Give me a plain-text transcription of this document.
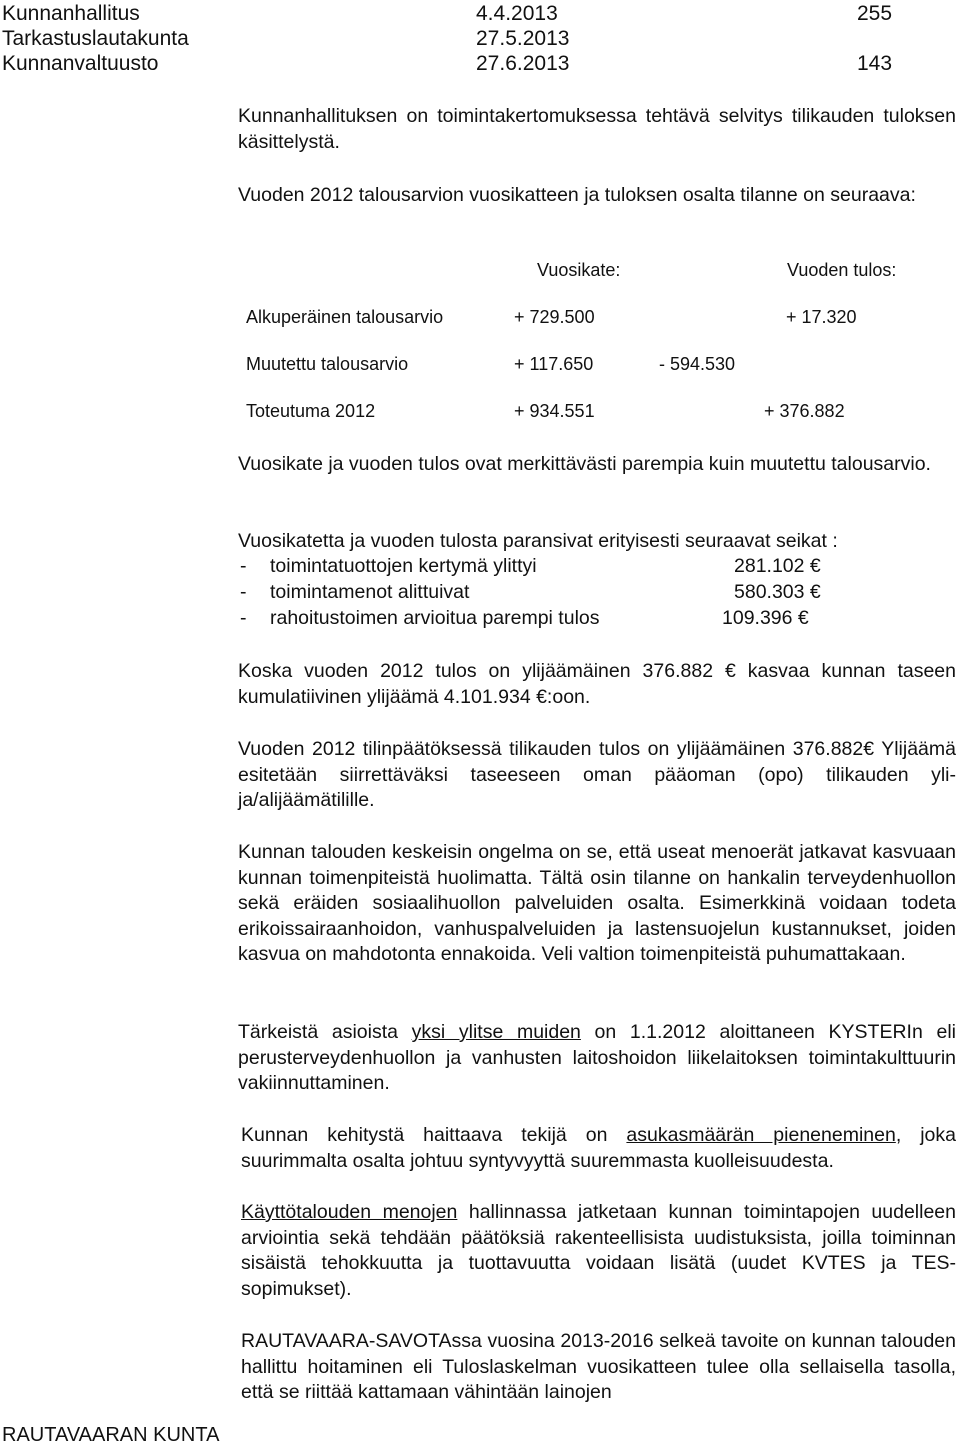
Kunnanhallitus	4.4.2013	255
Tarkastuslautakunta	27.5.2013
Kunnanvaltuusto	27.6.2013	143
Kunnanhallituksen on toimintakertomuksessa tehtävä selvitys tilikauden tuloksen käsittelystä.
Vuoden 2012 talousarvion vuosikatteen ja tuloksen osalta tilanne on seuraava:
Vuosikate:	Vuoden tulos:
Alkuperäinen talousarvio	+ 729.500	+ 17.320
Muutettu talousarvio	+ 117.650	- 594.530
Toteutuma 2012	+ 934.551	+ 376.882
Vuosikate ja vuoden tulos ovat merkittävästi parempia kuin muutettu talousarvio.
Vuosikatetta ja vuoden tulosta paransivat erityisesti seuraavat seikat :
- toimintatuottojen kertymä ylittyi	281.102 €
- toimintamenot alittuivat	580.303 €
- rahoitustoimen arvioitua parempi tulos	109.396 €
Koska vuoden 2012 tulos on ylijäämäinen 376.882 € kasvaa kunnan taseen kumulatiivinen ylijäämä 4.101.934 €:oon.
Vuoden 2012 tilinpäätöksessä tilikauden tulos on ylijäämäinen 376.882€ Ylijäämä esitetään siirrettäväksi taseeseen oman pääoman (opo) tilikauden yli- ja/alijäämätilille.
Kunnan talouden keskeisin ongelma on se, että useat menoerät jatkavat kasvuaan kunnan toimenpiteistä huolimatta. Tältä osin tilanne on hankalin terveydenhuollon sekä eräiden sosiaalihuollon palveluiden osalta. Esimerkkinä voidaan todeta erikoissairaanhoidon, vanhuspalveluiden ja lastensuojelun kustannukset, joiden kasvua on mahdotonta ennakoida. Veli valtion toimenpiteistä puhumattakaan.
Tärkeistä asioista yksi ylitse muiden on 1.1.2012 aloittaneen KYSTERIn eli perusterveydenhuollon ja vanhusten laitoshoidon liikelaitoksen toimintakulttuurin vakiinnuttaminen.
Kunnan kehitystä haittaava tekijä on asukasmäärän pieneneminen, joka suurimmalta osalta johtuu syntyvyyttä suuremmasta kuolleisuudesta.
Käyttötalouden menojen hallinnassa jatketaan kunnan toimintapojen uudelleen arviointia sekä tehdään päätöksiä rakenteellisista uudistuksista, joilla toiminnan sisäistä tehokkuutta ja tuottavuutta voidaan lisätä (uudet KVTES ja TES-sopimukset).
RAUTAVAARA-SAVOTAssa vuosina 2013-2016 selkeä tavoite on kunnan talouden hallittu hoitaminen eli Tuloslaskelman vuosikatteen tulee olla sellaisella tasolla, että se riittää kattamaan vähintään lainojen
RAUTAVAARAN KUNTA
